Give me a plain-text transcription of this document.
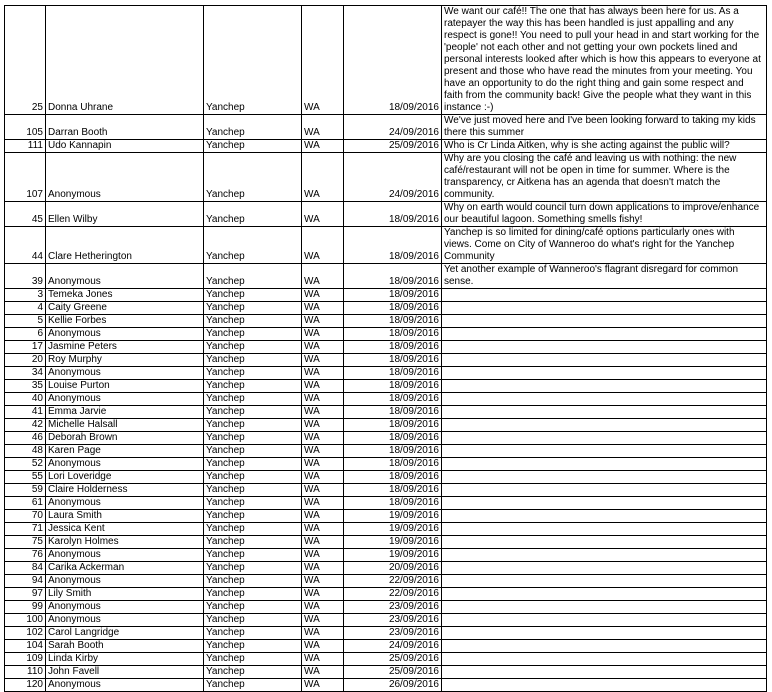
25	Donna Uhrane	Yanchep	WA	18/09/2016	We want our café!! The one that has always been here for us. As a ratepayer the way this has been handled is just appalling and any respect is gone!! You need to pull your head in and start working for the 'people' not each other and not getting your own pockets lined and personal interests looked after which is how this appears to everyone at present and those who have read the minutes from your meeting. You have an opportunity to do the right thing and gain some respect and faith from the community back! Give the people what they want in this instance :-)
105	Darran Booth	Yanchep	WA	24/09/2016	We've just moved here and I've been looking forward to taking my kids there this summer
111	Udo Kannapin	Yanchep	WA	25/09/2016	Who is Cr Linda Aitken, why is she acting against the public will?
107	Anonymous	Yanchep	WA	24/09/2016	Why are you closing the café and leaving us with nothing: the new café/restaurant will not be open in time for summer. Where is the transparency, cr Aitkena has an agenda that doesn't match the community.
45	Ellen Wilby	Yanchep	WA	18/09/2016	Why on earth would council turn down applications to improve/enhance our beautiful lagoon. Something smells fishy!
44	Clare Hetherington	Yanchep	WA	18/09/2016	Yanchep is so limited for dining/café options particularly ones with views. Come on City of Wanneroo do what's right for the Yanchep Community
39	Anonymous	Yanchep	WA	18/09/2016	Yet another example of Wanneroo's flagrant disregard for common sense.
3	Temeka Jones	Yanchep	WA	18/09/2016	
4	Caity Greene	Yanchep	WA	18/09/2016	
5	Kellie Forbes	Yanchep	WA	18/09/2016	
6	Anonymous	Yanchep	WA	18/09/2016	
17	Jasmine Peters	Yanchep	WA	18/09/2016	
20	Roy Murphy	Yanchep	WA	18/09/2016	
34	Anonymous	Yanchep	WA	18/09/2016	
35	Louise Purton	Yanchep	WA	18/09/2016	
40	Anonymous	Yanchep	WA	18/09/2016	
41	Emma Jarvie	Yanchep	WA	18/09/2016	
42	Michelle Halsall	Yanchep	WA	18/09/2016	
46	Deborah Brown	Yanchep	WA	18/09/2016	
48	Karen Page	Yanchep	WA	18/09/2016	
52	Anonymous	Yanchep	WA	18/09/2016	
55	Lori Loveridge	Yanchep	WA	18/09/2016	
59	Claire Holderness	Yanchep	WA	18/09/2016	
61	Anonymous	Yanchep	WA	18/09/2016	
70	Laura Smith	Yanchep	WA	19/09/2016	
71	Jessica Kent	Yanchep	WA	19/09/2016	
75	Karolyn Holmes	Yanchep	WA	19/09/2016	
76	Anonymous	Yanchep	WA	19/09/2016	
84	Carika Ackerman	Yanchep	WA	20/09/2016	
94	Anonymous	Yanchep	WA	22/09/2016	
97	Lily Smith	Yanchep	WA	22/09/2016	
99	Anonymous	Yanchep	WA	23/09/2016	
100	Anonymous	Yanchep	WA	23/09/2016	
102	Carol Langridge	Yanchep	WA	23/09/2016	
104	Sarah Booth	Yanchep	WA	24/09/2016	
109	Linda Kirby	Yanchep	WA	25/09/2016	
110	John Favell	Yanchep	WA	25/09/2016	
120	Anonymous	Yanchep	WA	26/09/2016	
